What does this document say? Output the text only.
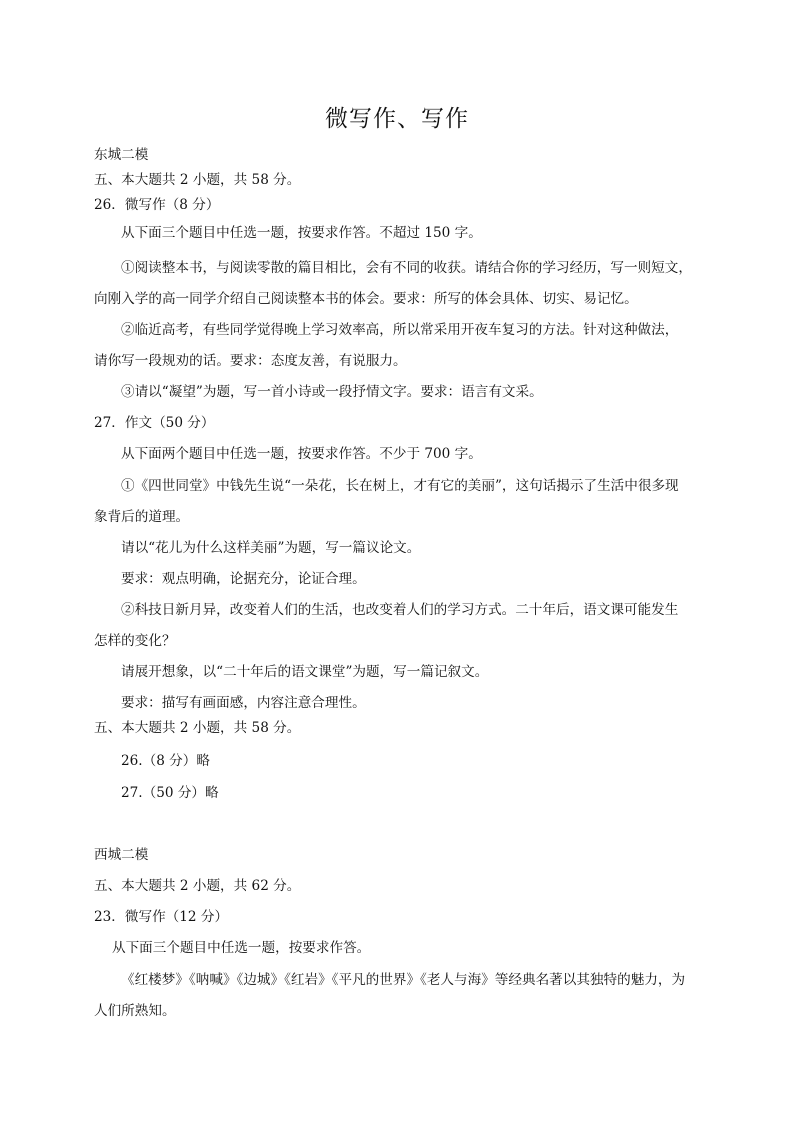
微写作、写作
东城二模
五、本大题共 2 小题，共 58 分。
26．微写作（8 分）
从下面三个题目中任选一题，按要求作答。不超过 150 字。
①阅读整本书，与阅读零散的篇目相比，会有不同的收获。请结合你的学习经历，写一则短文，
向刚入学的高一同学介绍自己阅读整本书的体会。要求：所写的体会具体、切实、易记忆。
②临近高考，有些同学觉得晚上学习效率高，所以常采用开夜车复习的方法。针对这种做法，
请你写一段规劝的话。要求：态度友善，有说服力。
③请以“凝望”为题，写一首小诗或一段抒情文字。要求：语言有文采。
27．作文（50 分）
从下面两个题目中任选一题，按要求作答。不少于 700 字。
①《四世同堂》中钱先生说“一朵花，长在树上，才有它的美丽”，这句话揭示了生活中很多现
象背后的道理。
请以“花儿为什么这样美丽”为题，写一篇议论文。
要求：观点明确，论据充分，论证合理。
②科技日新月异，改变着人们的生活，也改变着人们的学习方式。二十年后，语文课可能发生
怎样的变化？
请展开想象，以“二十年后的语文课堂”为题，写一篇记叙文。
要求：描写有画面感，内容注意合理性。
五、本大题共 2 小题，共 58 分。
26.（8 分）略
27.（50 分）略
西城二模
五、本大题共 2 小题，共 62 分。
23．微写作（12 分）
从下面三个题目中任选一题，按要求作答。
《红楼梦》《呐喊》《边城》《红岩》《平凡的世界》《老人与海》等经典名著以其独特的魅力，为
人们所熟知。
